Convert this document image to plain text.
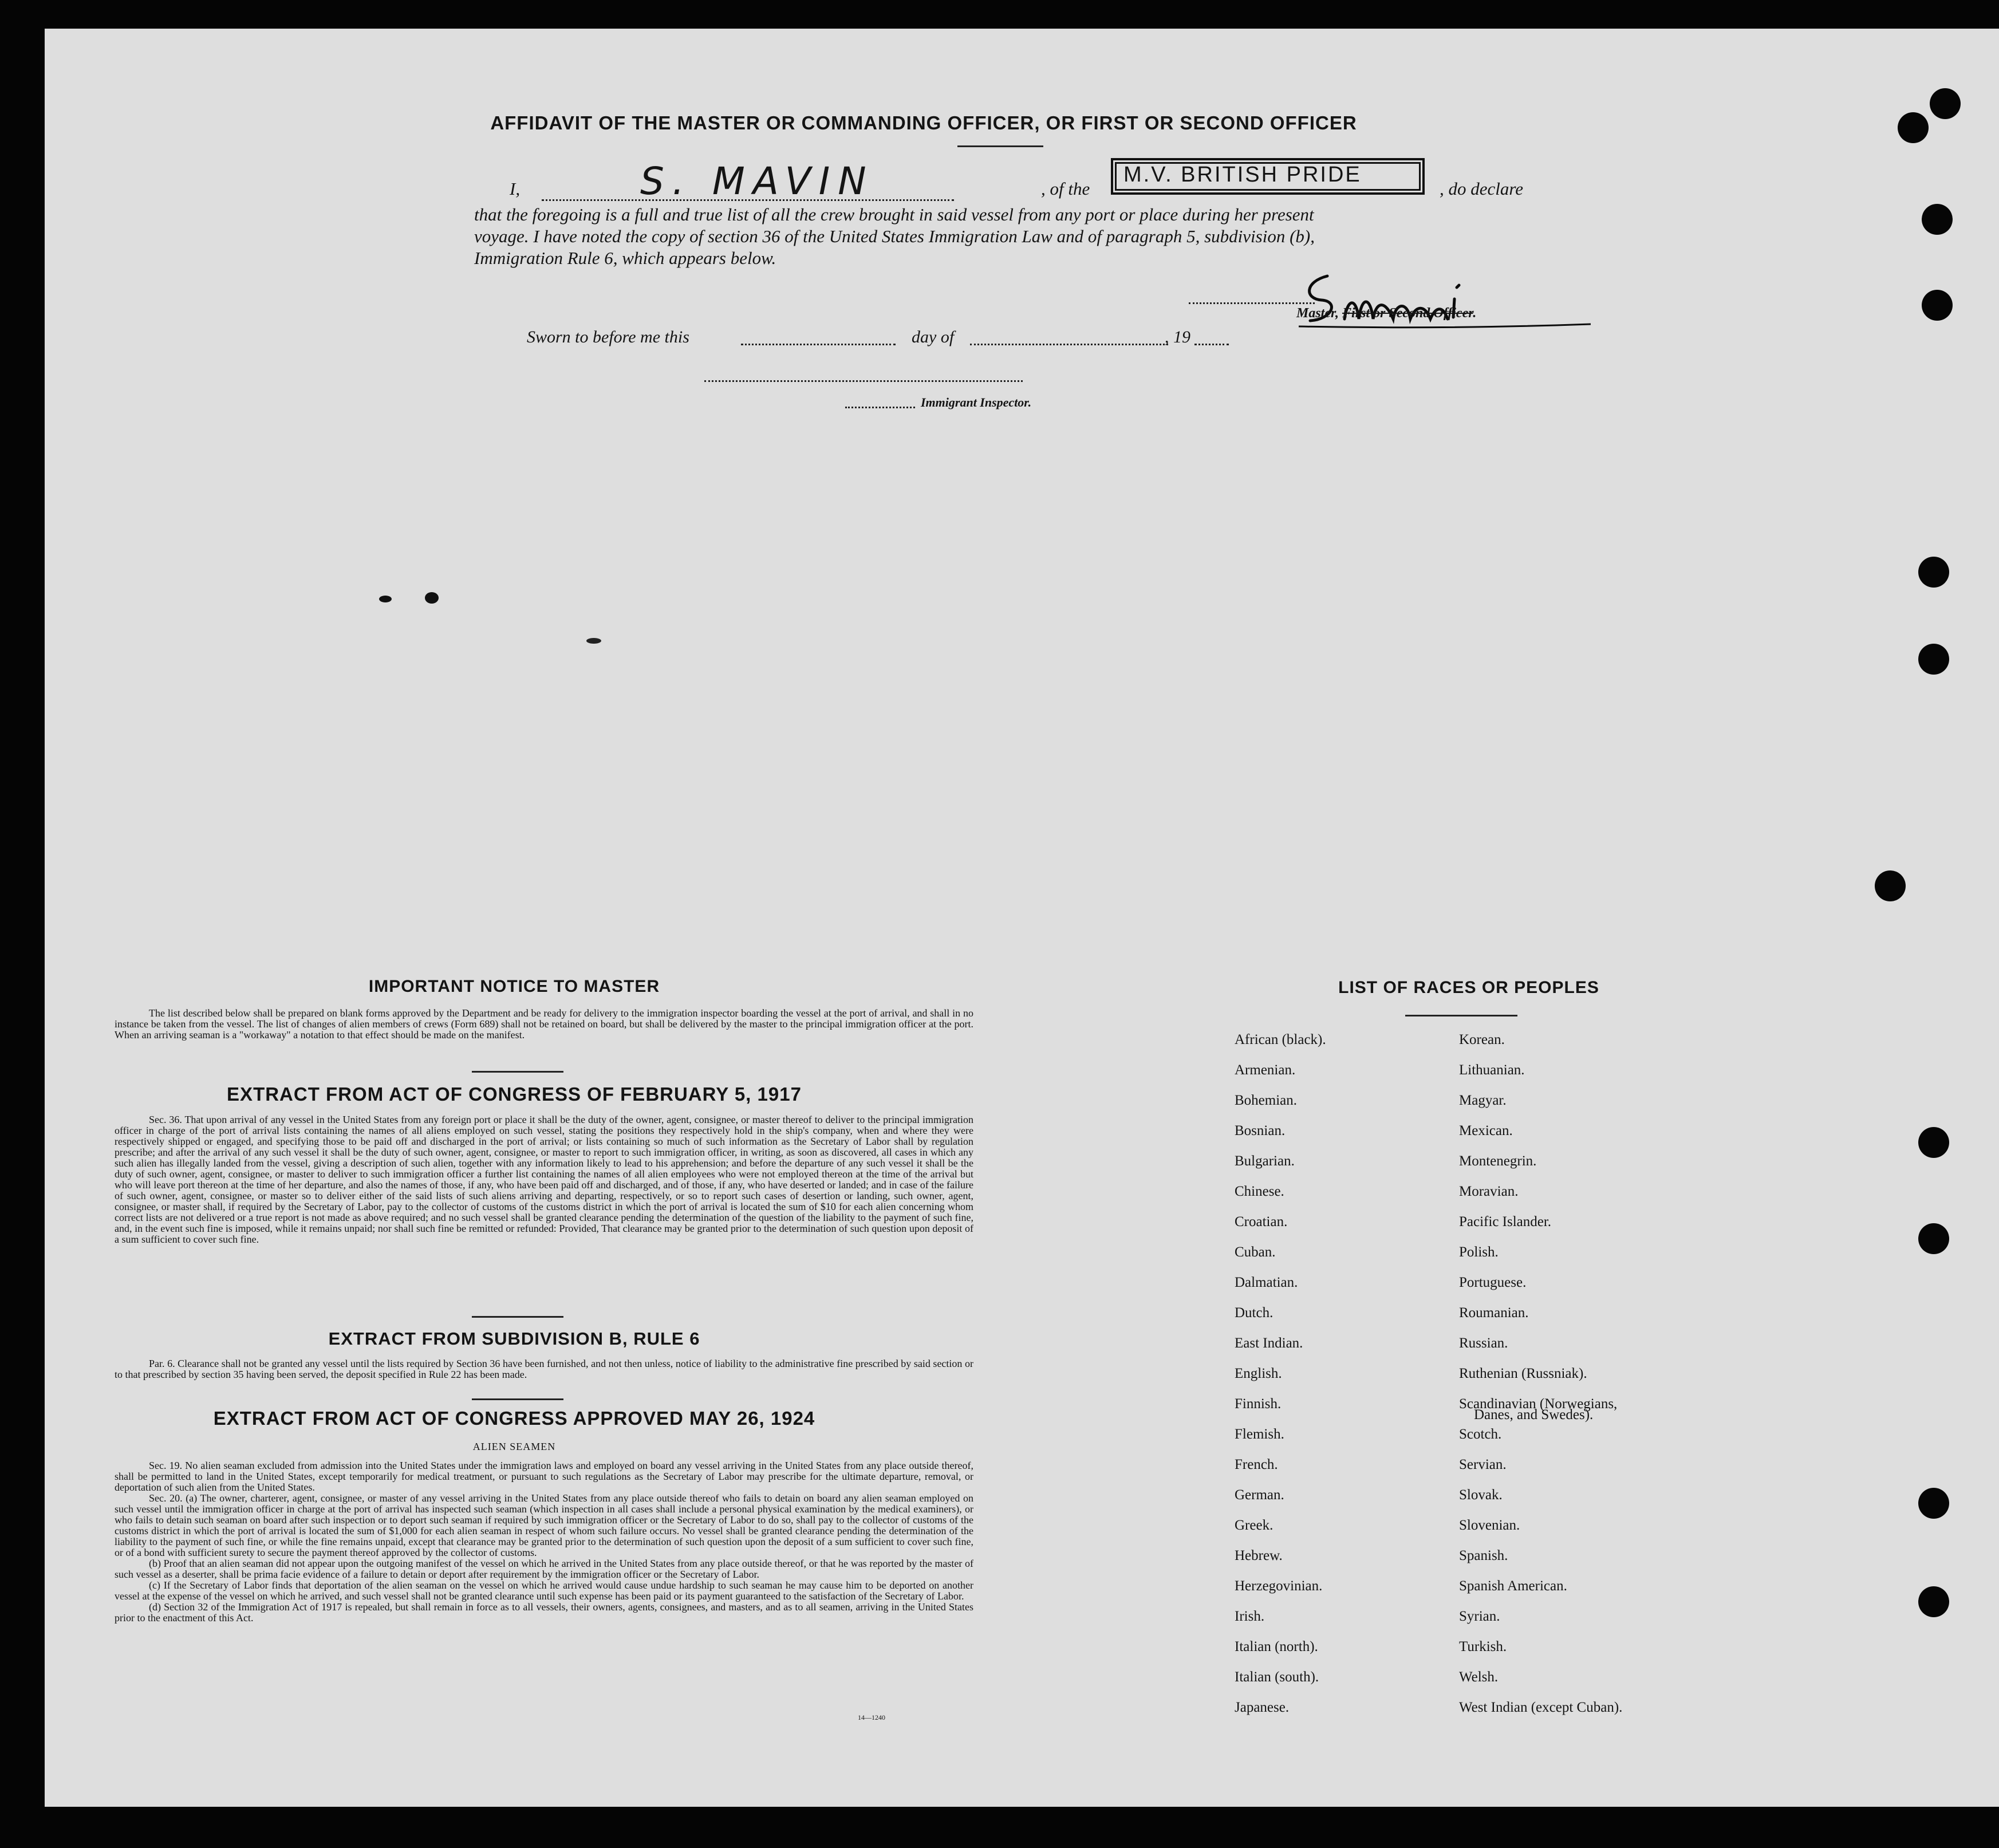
AFFIDAVIT OF THE MASTER OR COMMANDING OFFICER, OR FIRST OR SECOND OFFICER
I,	S. MAVIN	, of the
M.V. BRITISH PRIDE
, do declare
that the foregoing is a full and true list of all the crew brought in said vessel from any port or place during her present
voyage. I have noted the copy of section 36 of the United States Immigration Law and of paragraph 5, subdivision (b),
Immigration Rule 6, which appears below.
Master, First or Second Officer.
Sworn to before me this	day of	, 19
Immigrant Inspector.
IMPORTANT NOTICE TO MASTER
The list described below shall be prepared on blank forms approved by the Department and be ready for delivery to the immigration inspector boarding the vessel at the port of arrival, and shall in no instance be taken from the vessel. The list of changes of alien members of crews (Form 689) shall not be retained on board, but shall be delivered by the master to the principal immigration officer at the port. When an arriving seaman is a "workaway" a notation to that effect should be made on the manifest.
EXTRACT FROM ACT OF CONGRESS OF FEBRUARY 5, 1917
Sec. 36. That upon arrival of any vessel in the United States from any foreign port or place it shall be the duty of the owner, agent, consignee, or master thereof to deliver to the principal immigration officer in charge of the port of arrival lists containing the names of all aliens employed on such vessel, stating the positions they respectively hold in the ship's company, when and where they were respectively shipped or engaged, and specifying those to be paid off and discharged in the port of arrival; or lists containing so much of such information as the Secretary of Labor shall by regulation prescribe; and after the arrival of any such vessel it shall be the duty of such owner, agent, consignee, or master to report to such immigration officer, in writing, as soon as discovered, all cases in which any such alien has illegally landed from the vessel, giving a description of such alien, together with any information likely to lead to his apprehension; and before the departure of any such vessel it shall be the duty of such owner, agent, consignee, or master to deliver to such immigration officer a further list containing the names of all alien employees who were not employed thereon at the time of the arrival but who will leave port thereon at the time of her departure, and also the names of those, if any, who have been paid off and discharged, and of those, if any, who have deserted or landed; and in case of the failure of such owner, agent, consignee, or master so to deliver either of the said lists of such aliens arriving and departing, respectively, or so to report such cases of desertion or landing, such owner, agent, consignee, or master shall, if required by the Secretary of Labor, pay to the collector of customs of the customs district in which the port of arrival is located the sum of $10 for each alien concerning whom correct lists are not delivered or a true report is not made as above required; and no such vessel shall be granted clearance pending the determination of the question of the liability to the payment of such fine, and, in the event such fine is imposed, while it remains unpaid; nor shall such fine be remitted or refunded: Provided, That clearance may be granted prior to the determination of such question upon deposit of a sum sufficient to cover such fine.
EXTRACT FROM SUBDIVISION B, RULE 6
Par. 6. Clearance shall not be granted any vessel until the lists required by Section 36 have been furnished, and not then unless, notice of liability to the administrative fine prescribed by said section or to that prescribed by section 35 having been served, the deposit specified in Rule 22 has been made.
EXTRACT FROM ACT OF CONGRESS APPROVED MAY 26, 1924
ALIEN SEAMEN
Sec. 19. No alien seaman excluded from admission into the United States under the immigration laws and employed on board any vessel arriving in the United States from any place outside thereof, shall be permitted to land in the United States, except temporarily for medical treatment, or pursuant to such regulations as the Secretary of Labor may prescribe for the ultimate departure, removal, or deportation of such alien from the United States.
Sec. 20. (a) The owner, charterer, agent, consignee, or master of any vessel arriving in the United States from any place outside thereof who fails to detain on board any alien seaman employed on such vessel until the immigration officer in charge at the port of arrival has inspected such seaman (which inspection in all cases shall include a personal physical examination by the medical examiners), or who fails to detain such seaman on board after such inspection or to deport such seaman if required by such immigration officer or the Secretary of Labor to do so, shall pay to the collector of customs of the customs district in which the port of arrival is located the sum of $1,000 for each alien seaman in respect of whom such failure occurs. No vessel shall be granted clearance pending the determination of the liability to the payment of such fine, or while the fine remains unpaid, except that clearance may be granted prior to the determination of such question upon the deposit of a sum sufficient to cover such fine, or of a bond with sufficient surety to secure the payment thereof approved by the collector of customs.
(b) Proof that an alien seaman did not appear upon the outgoing manifest of the vessel on which he arrived in the United States from any place outside thereof, or that he was reported by the master of such vessel as a deserter, shall be prima facie evidence of a failure to detain or deport after requirement by the immigration officer or the Secretary of Labor.
(c) If the Secretary of Labor finds that deportation of the alien seaman on the vessel on which he arrived would cause undue hardship to such seaman he may cause him to be deported on another vessel at the expense of the vessel on which he arrived, and such vessel shall not be granted clearance until such expense has been paid or its payment guaranteed to the satisfaction of the Secretary of Labor.
(d) Section 32 of the Immigration Act of 1917 is repealed, but shall remain in force as to all vessels, their owners, agents, consignees, and masters, and as to all seamen, arriving in the United States prior to the enactment of this Act.
14—1240
LIST OF RACES OR PEOPLES
African (black).
Armenian.
Bohemian.
Bosnian.
Bulgarian.
Chinese.
Croatian.
Cuban.
Dalmatian.
Dutch.
East Indian.
English.
Finnish.
Flemish.
French.
German.
Greek.
Hebrew.
Herzegovinian.
Irish.
Italian (north).
Italian (south).
Japanese.
Korean.
Lithuanian.
Magyar.
Mexican.
Montenegrin.
Moravian.
Pacific Islander.
Polish.
Portuguese.
Roumanian.
Russian.
Ruthenian (Russniak).
Scandinavian (Norwegians,
Scotch.
Servian.
Slovak.
Slovenian.
Spanish.
Spanish American.
Syrian.
Turkish.
Welsh.
West Indian (except Cuban).
Danes, and Swedes).
